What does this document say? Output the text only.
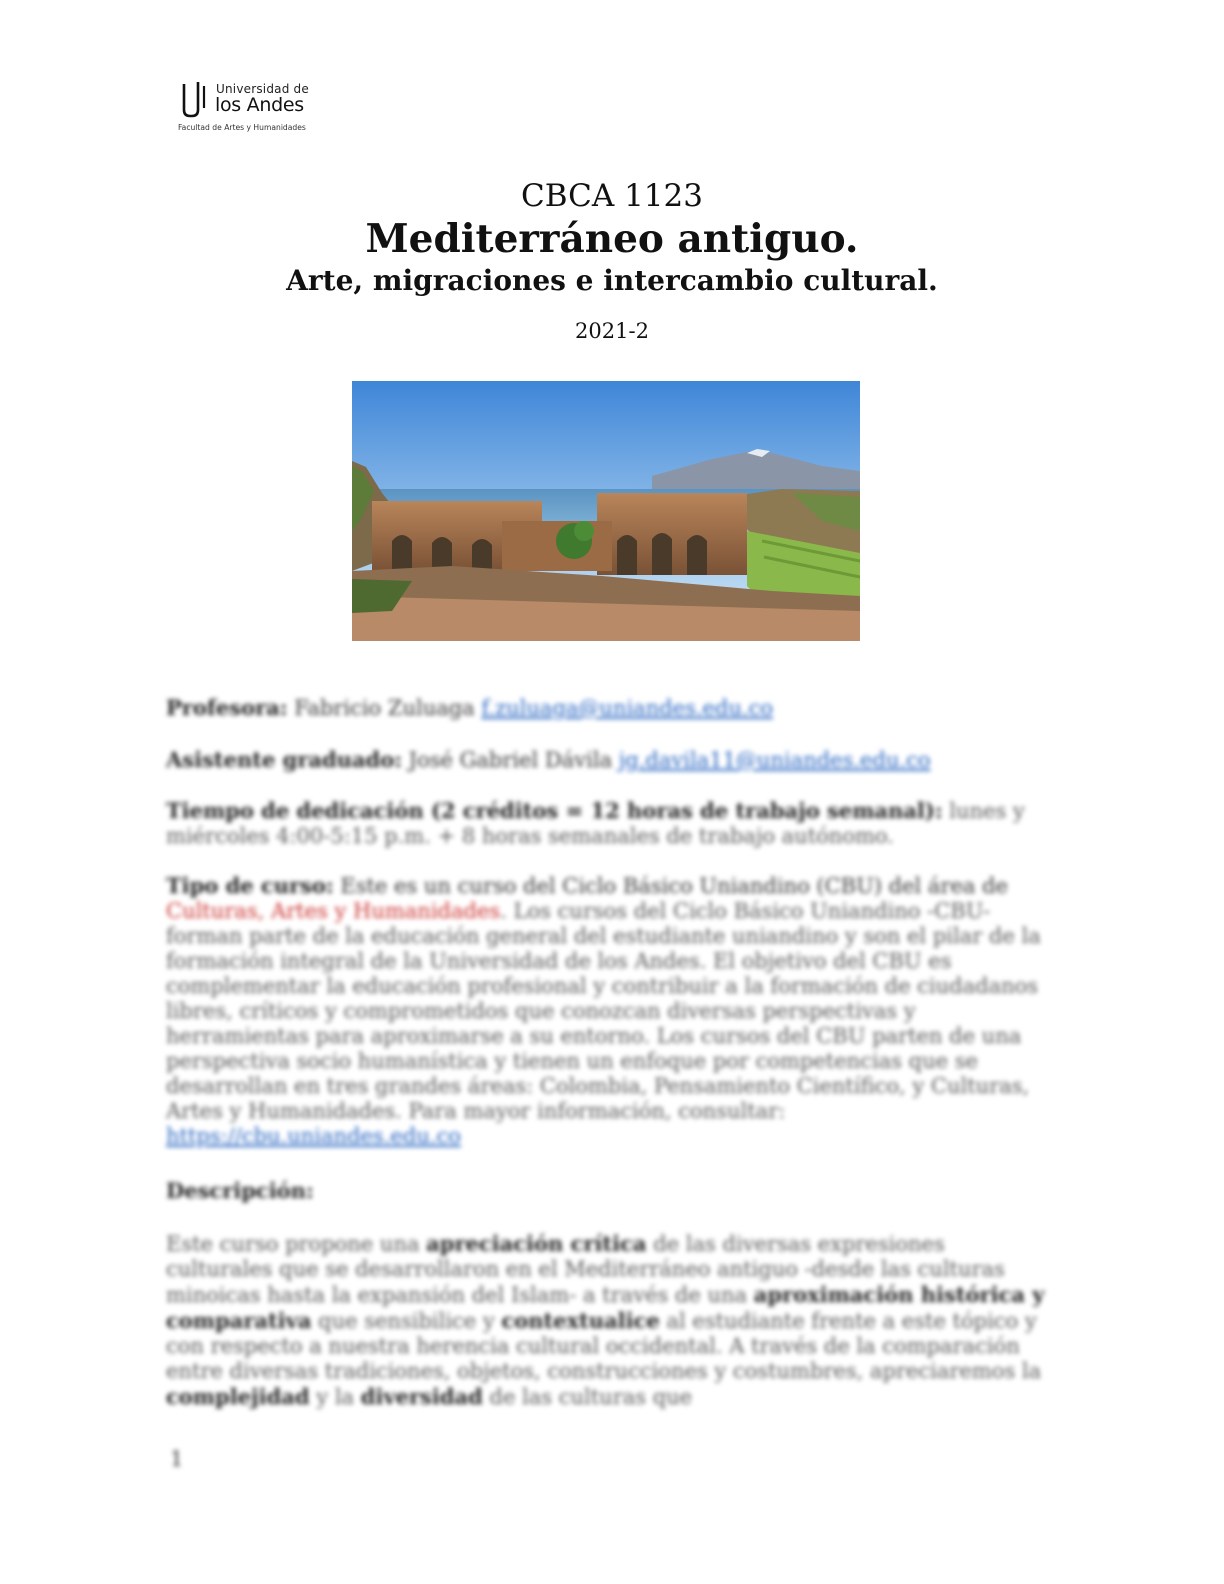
Universidad de
los Andes
Facultad de Artes y Humanidades
CBCA 1123
Mediterráneo antiguo.
Arte, migraciones e intercambio cultural.
2021-2
Profesora: Fabricio Zuluaga f.zuluaga@uniandes.edu.co
Asistente graduado: José Gabriel Dávila jg.davila11@uniandes.edu.co
Tiempo de dedicación (2 créditos = 12 horas de trabajo semanal): lunes y miércoles 4:00-5:15 p.m. + 8 horas semanales de trabajo autónomo.
Tipo de curso: Este es un curso del Ciclo Básico Uniandino (CBU) del área de Culturas, Artes y Humanidades. Los cursos del Ciclo Básico Uniandino -CBU- forman parte de la educación general del estudiante uniandino y son el pilar de la formación integral de la Universidad de los Andes. El objetivo del CBU es complementar la educación profesional y contribuir a la formación de ciudadanos libres, críticos y comprometidos que conozcan diversas perspectivas y herramientas para aproximarse a su entorno. Los cursos del CBU parten de una perspectiva socio humanística y tienen un enfoque por competencias que se desarrollan en tres grandes áreas: Colombia, Pensamiento Científico, y Culturas, Artes y Humanidades. Para mayor información, consultar: https://cbu.uniandes.edu.co
Descripción:
Este curso propone una apreciación crítica de las diversas expresiones culturales que se desarrollaron en el Mediterráneo antiguo -desde las culturas minoicas hasta la expansión del Islam- a través de una aproximación histórica y comparativa que sensibilice y contextualice al estudiante frente a este tópico y con respecto a nuestra herencia cultural occidental. A través de la comparación entre diversas tradiciones, objetos, construcciones y costumbres, apreciaremos la complejidad y la diversidad de las culturas que
1
